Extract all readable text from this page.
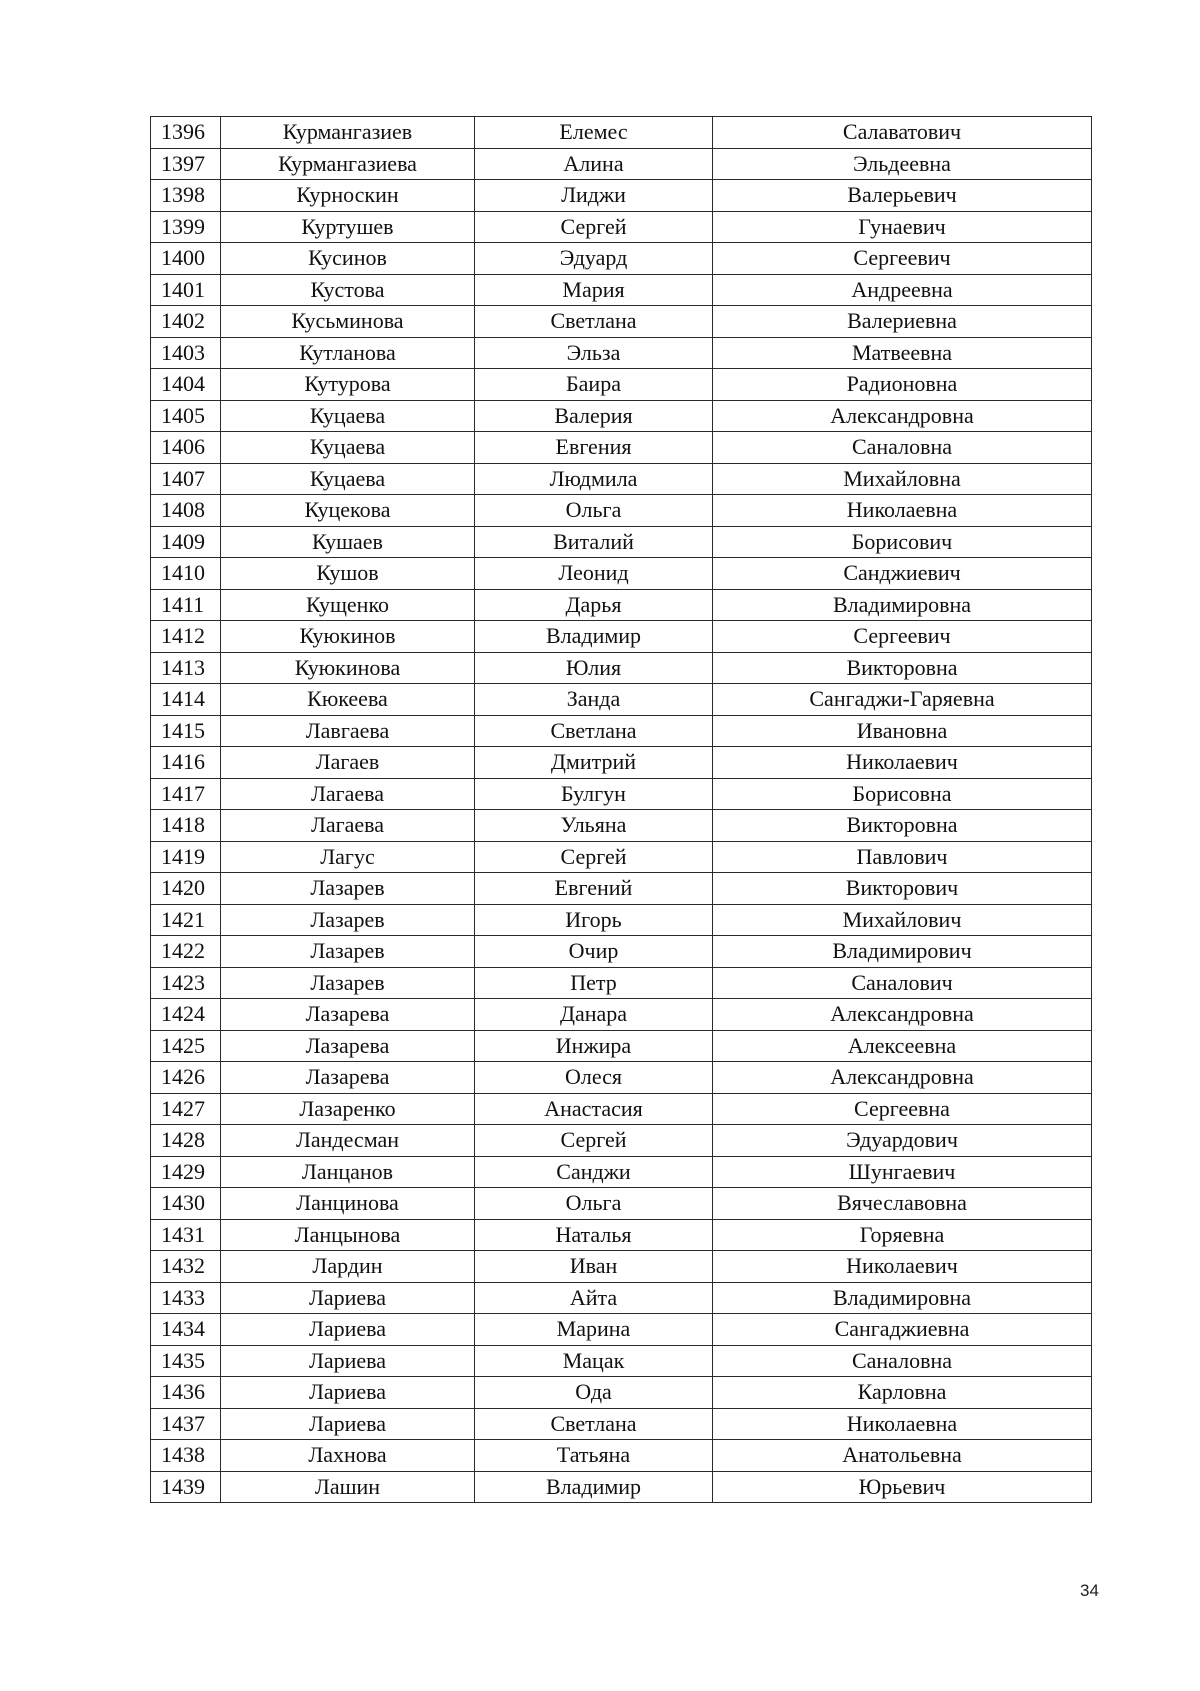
1396	Курмангазиев	Елемес	Салаватович
1397	Курмангазиева	Алина	Эльдеевна
1398	Курноскин	Лиджи	Валерьевич
1399	Куртушев	Сергей	Гунаевич
1400	Кусинов	Эдуард	Сергеевич
1401	Кустова	Мария	Андреевна
1402	Кусьминова	Светлана	Валериевна
1403	Кутланова	Эльза	Матвеевна
1404	Кутурова	Баира	Радионовна
1405	Куцаева	Валерия	Александровна
1406	Куцаева	Евгения	Саналовна
1407	Куцаева	Людмила	Михайловна
1408	Куцекова	Ольга	Николаевна
1409	Кушаев	Виталий	Борисович
1410	Кушов	Леонид	Санджиевич
1411	Кущенко	Дарья	Владимировна
1412	Куюкинов	Владимир	Сергеевич
1413	Куюкинова	Юлия	Викторовна
1414	Кюкеева	Занда	Сангаджи-Гаряевна
1415	Лавгаева	Светлана	Ивановна
1416	Лагаев	Дмитрий	Николаевич
1417	Лагаева	Булгун	Борисовна
1418	Лагаева	Ульяна	Викторовна
1419	Лагус	Сергей	Павлович
1420	Лазарев	Евгений	Викторович
1421	Лазарев	Игорь	Михайлович
1422	Лазарев	Очир	Владимирович
1423	Лазарев	Петр	Саналович
1424	Лазарева	Данара	Александровна
1425	Лазарева	Инжира	Алексеевна
1426	Лазарева	Олеся	Александровна
1427	Лазаренко	Анастасия	Сергеевна
1428	Ландесман	Сергей	Эдуардович
1429	Ланцанов	Санджи	Шунгаевич
1430	Ланцинова	Ольга	Вячеславовна
1431	Ланцынова	Наталья	Горяевна
1432	Лардин	Иван	Николаевич
1433	Лариева	Айта	Владимировна
1434	Лариева	Марина	Сангаджиевна
1435	Лариева	Мацак	Саналовна
1436	Лариева	Ода	Карловна
1437	Лариева	Светлана	Николаевна
1438	Лахнова	Татьяна	Анатольевна
1439	Лашин	Владимир	Юрьевич
34
